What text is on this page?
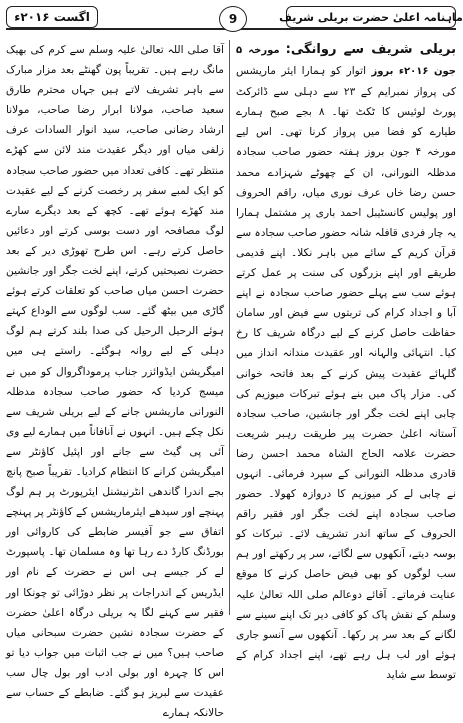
ماہنامہ اعلیٰ حضرت بریلی شریف
9
اگست ۲۰۱۶ء
بریلی شریف سے روانگی: مورخہ ۵ جون ۲۰۱۶ء بروز اتوار کو ہمارا ایئر ماریشس کی پرواز نمبرایم کے ۲۳ سے دہلی سے ڈائرکٹ پورٹ لوئیس کا ٹکٹ تھا۔ ۸ بجے صبح ہمارے طیارے کو فضا میں پرواز کرنا تھی۔ اس لیے مورخہ ۴ جون بروز ہفتہ حضور صاحب سجادہ مدظلہ النورانی، ان کے چھوٹے شہزادے محمد حسن رضا خاں عرف نوری میاں، راقم الحروف اور پولیس کانسٹیبل احمد باری پر مشتمل ہمارا یہ چار فردی قافلہ شانہ حضور صاحب سجادہ سے قرآن کریم کے سائے میں باہر نکلا۔ اپنے قدیمی طریقے اور اپنے بزرگوں کی سنت پر عمل کرتے ہوئے سب سے پہلے حضور صاحب سجادہ نے اپنے آبا و اجداد کرام کی تربتوں سے فیض اور سامان حفاظت حاصل کرنے کے لیے درگاہ شریف کا رخ کیا۔ انتہائی والہانہ اور عقیدت مندانہ انداز میں گلہائے عقیدت پیش کرنے کے بعد فاتحہ خوانی کی۔ مزار پاک میں بنے ہوئے تبرکات میوزیم کی چابی اپنے لخت جگر اور جانشین، صاحب سجادہ آستانہ اعلیٰ حضرت پیر طریقت رہبر شریعت حضرت علامہ الحاج الشاہ محمد احسن رضا قادری مدظلہ النورانی کے سپرد فرمائی۔ انہوں نے چابی لے کر میوزیم کا دروازہ کھولا۔ حضور صاحب سجادہ اپنے لخت جگر اور فقیر راقم الحروف کے ساتھ اندر تشریف لائے۔ تبرکات کو بوسہ دیتے، آنکھوں سے لگاتے، سر پر رکھتے اور ہم سب لوگوں کو بھی فیض حاصل کرنے کا موقع عنایت فرماتے۔ آقائے دوعالم صلی اللہ تعالیٰ علیہ وسلم کے نقش پاک کو کافی دیر تک اپنے سینے سے لگانے کے بعد سر پر رکھا۔ آنکھوں سے آنسو جاری ہوئے اور لب ہل رہے تھے، اپنے اجداد کرام کے توسط سے شاید
آقا صلی اللہ تعالیٰ علیہ وسلم سے کرم کی بھیک مانگ رہے ہیں۔ تقریباً پون گھنٹے بعد مزار مبارک سے باہر تشریف لاتے ہیں جہاں محترم طارق سعید صاحب، مولانا ابرار رضا صاحب، مولانا ارشاد رضانی صاحب، سید انوار السادات عرف زلفی میاں اور دیگر عقیدت مند لائن سے کھڑے منتظر تھے۔ کافی تعداد میں حضور صاحب سجادہ کو ایک لمبے سفر پر رخصت کرنے کے لیے عقیدت مند کھڑے ہوئے تھے۔ کچھ کے بعد دیگرے سارے لوگ مصافحہ اور دست بوسی کرتے اور دعائیں حاصل کرتے رہے۔ اس طرح تھوڑی دیر کے بعد حضرت نصیحتیں کرتے، اپنے لخت جگر اور جانشین حضرت احسن میاں صاحب کو تعلقات کرتے ہوئے گاڑی میں بیٹھ گئے۔ سب لوگوں سے الوداع کہتے ہوئے الرحیل الرحیل کی صدا بلند کرتے ہم لوگ دہلی کے لیے روانہ ہوگئے۔ راستے ہی میں امیگریشن ایڈوائزر جناب پرموداگروال کو میں نے میسج کردیا کہ حضور صاحب سجادہ مدظلہ النورانی ماریشس جانے کے لیے بریلی شریف سے نکل چکے ہیں۔ انہوں نے آنافاناً میں ہمارے لیے وی آئی پی گیٹ سے جانے اور اپئیل کاؤنٹر سے امیگریشن کرانے کا انتظام کرادیا۔ تقریباً صبح پانچ بجے اندرا گاندھی انٹرنیشنل ایئرپورٹ پر ہم لوگ پہنچے اور سیدھے ایئرماریشس کے کاؤنٹر پر پہنچے اتفاق سے جو آفیسر ضابطے کی کاروائی اور بورڈنگ کارڈ دے رہا تھا وہ مسلمان تھا۔ پاسپورٹ لے کر جیسے ہی اس نے حضرت کے نام اور ایڈریس کے اندراجات پر نظر دوڑائی تو چونکا اور فقیر سے کہنے لگا یہ بریلی درگاہ اعلیٰ حضرت کے حضرت سجادہ نشین حضرت سبحانی میاں صاحب ہیں؟ میں نے جب اثبات میں جواب دیا تو اس کا چہرہ اور بولی ادب اور بول چال سب عقیدت سے لبریز ہو گئے۔ ضابطے کے حساب سے حالانکہ ہمارے
